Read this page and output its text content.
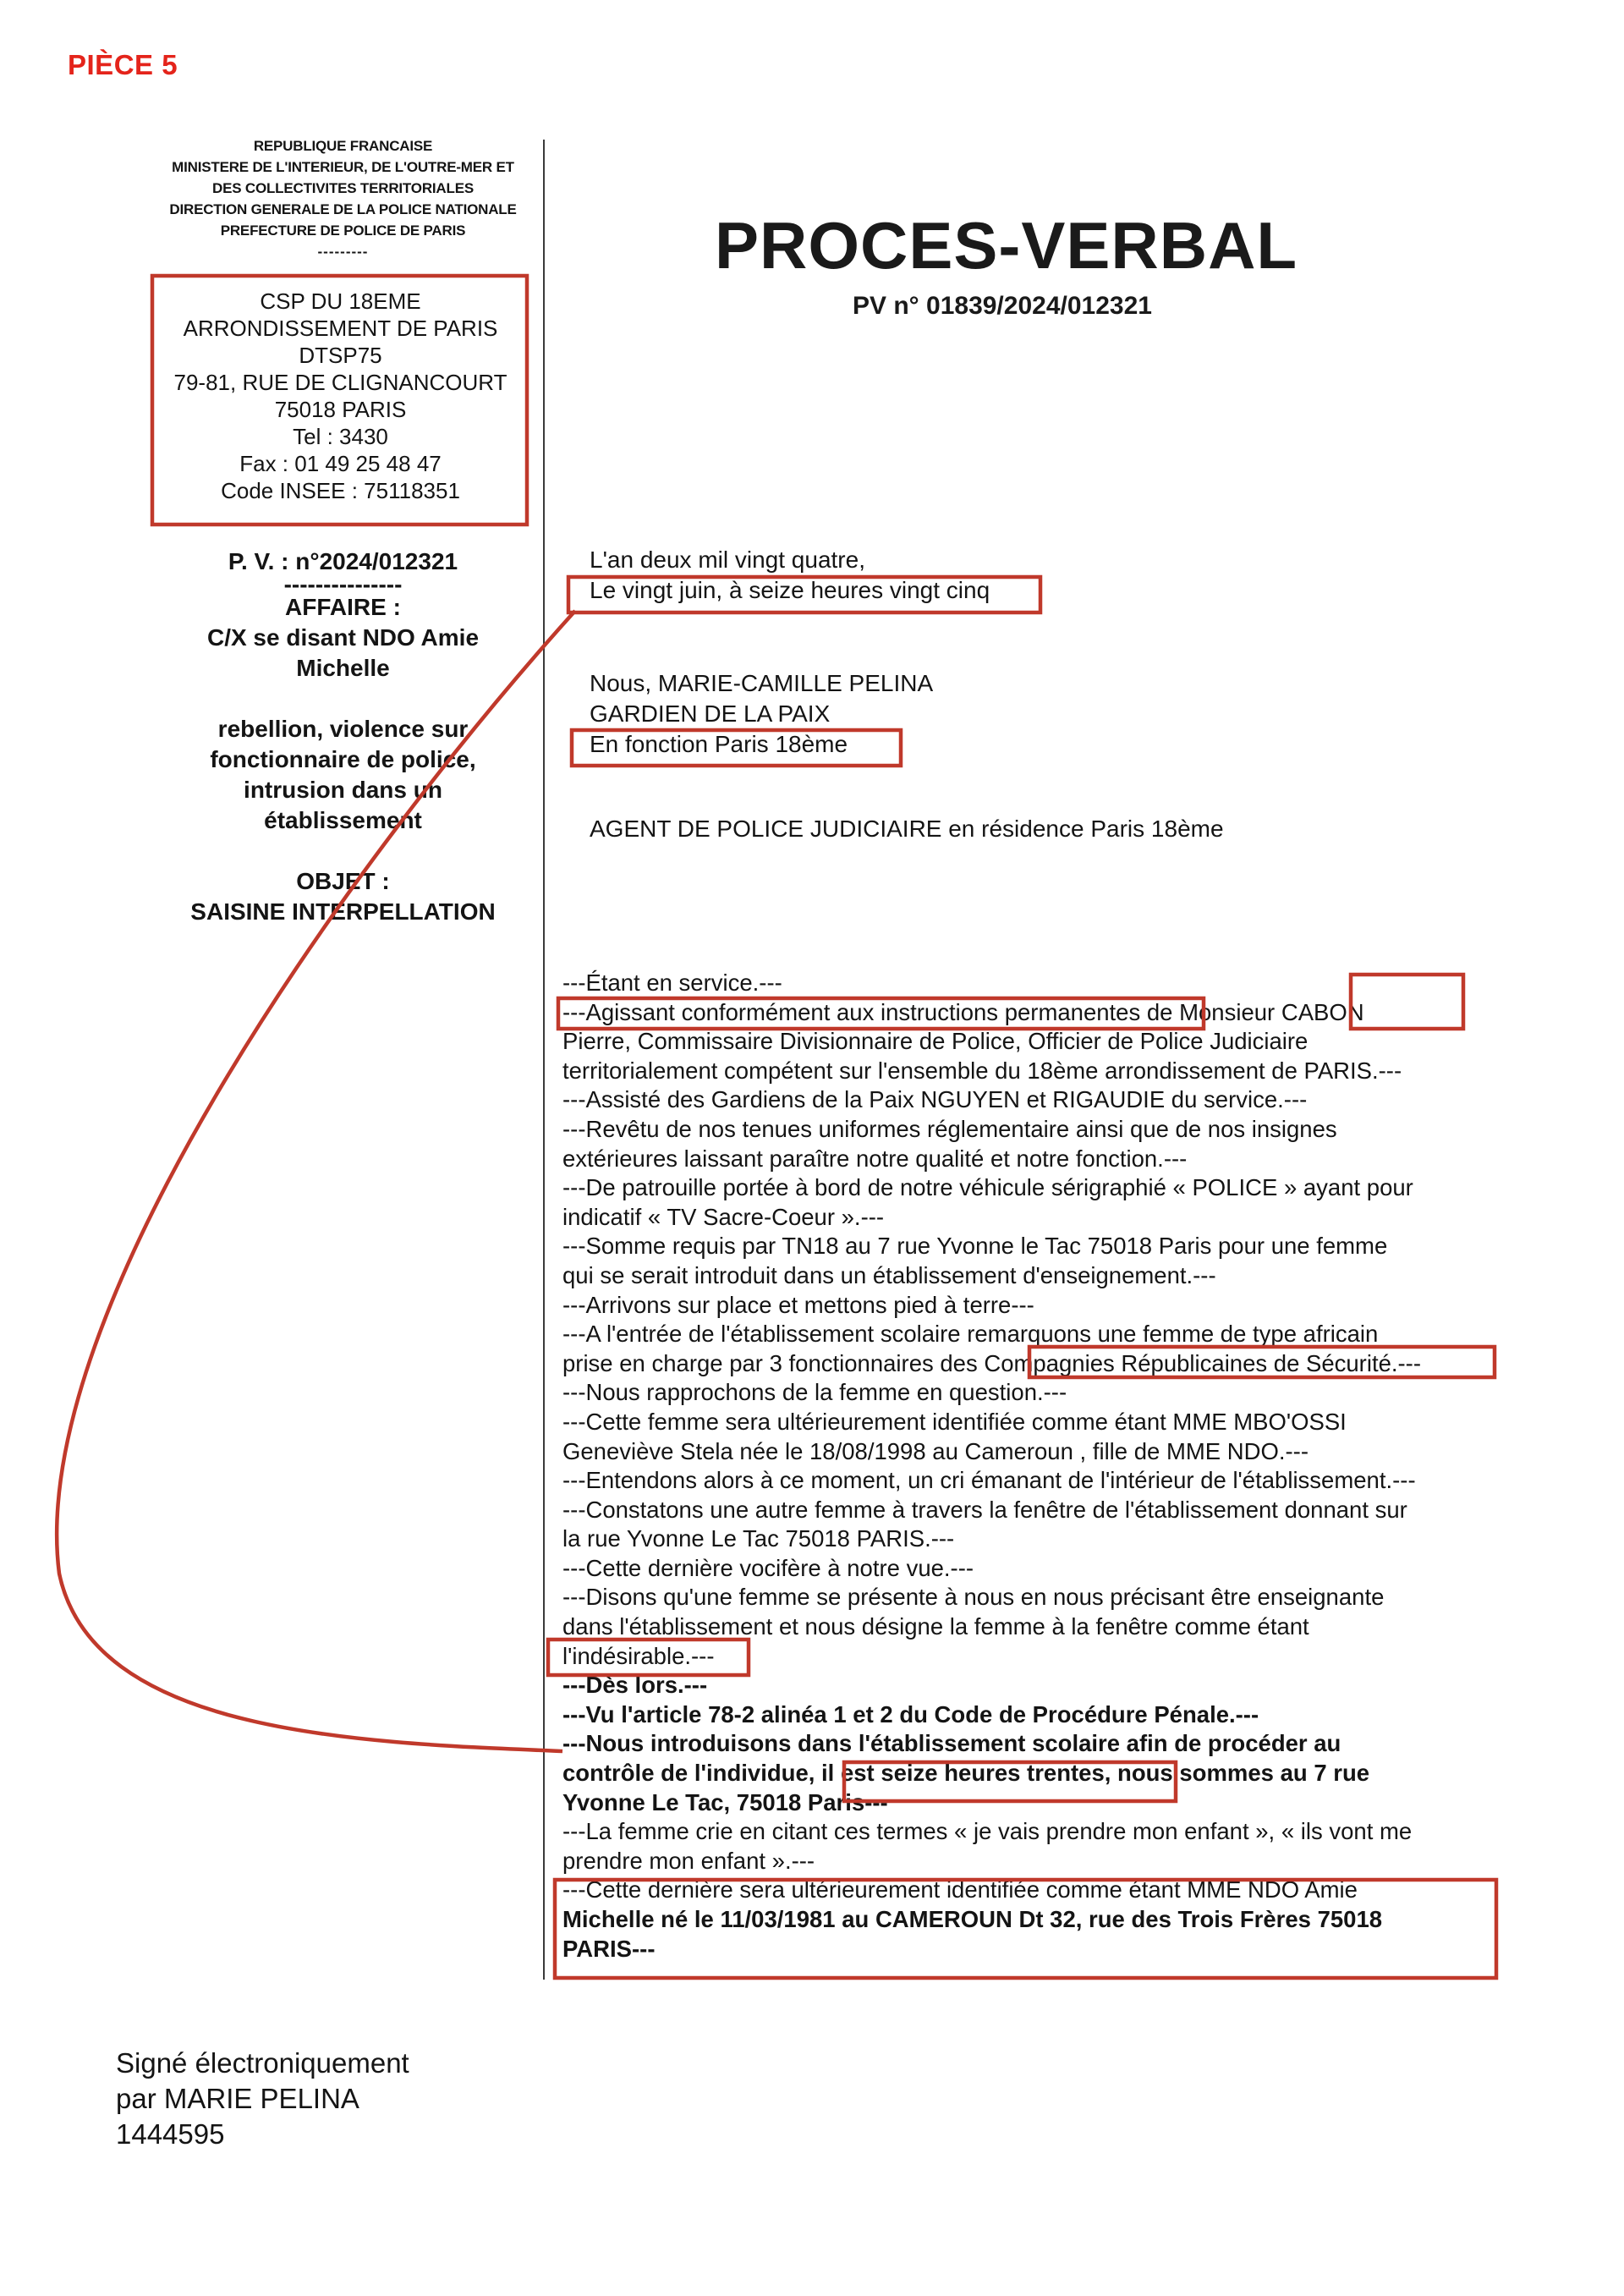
PIÈCE 5
REPUBLIQUE FRANCAISE
MINISTERE DE L'INTERIEUR, DE L'OUTRE-MER ET
DES COLLECTIVITES TERRITORIALES
DIRECTION GENERALE DE LA POLICE NATIONALE
PREFECTURE DE POLICE DE PARIS
---------
CSP DU 18EME
ARRONDISSEMENT DE PARIS
DTSP75
79-81, RUE DE CLIGNANCOURT
75018 PARIS
Tel : 3430
Fax : 01 49 25 48 47
Code INSEE : 75118351

P. V. : n°2024/012321

---------------

AFFAIRE :

C/X se disant NDO Amie

Michelle

rebellion, violence sur

fonctionnaire de police,

intrusion dans un

établissement

OBJET :

SAISINE INTERPELLATION

PROCES-VERBAL
PV n° 01839/2024/012321

L'an deux mil vingt quatre,

Le vingt juin, à seize heures vingt cinq

Nous, MARIE-CAMILLE PELINA

GARDIEN DE LA PAIX

En fonction Paris 18ème

AGENT DE POLICE JUDICIAIRE en résidence Paris 18ème

---Étant en service.---

---Agissant conformément aux instructions permanentes de Monsieur CABON

Pierre, Commissaire Divisionnaire de Police, Officier de Police Judiciaire

territorialement compétent sur l'ensemble du 18ème arrondissement de PARIS.---

---Assisté des Gardiens de la Paix NGUYEN et RIGAUDIE du service.---

---Revêtu de nos tenues uniformes réglementaire ainsi que de nos insignes

extérieures laissant paraître notre qualité et notre fonction.---

---De patrouille portée à bord de notre véhicule sérigraphié « POLICE » ayant pour

indicatif « TV Sacre-Coeur ».---

---Somme requis par TN18 au 7 rue Yvonne le Tac 75018 Paris pour une femme

qui se serait introduit dans un établissement d'enseignement.---

---Arrivons sur place et mettons pied à terre---

---A l'entrée de l'établissement scolaire remarquons une femme de type africain

prise en charge par 3 fonctionnaires des Compagnies Républicaines de Sécurité.---

---Nous rapprochons de la femme en question.---

---Cette femme sera ultérieurement identifiée comme étant MME MBO'OSSI

Geneviève Stela née le 18/08/1998 au Cameroun , fille de MME NDO.---

---Entendons alors à ce moment, un cri émanant de l'intérieur de l'établissement.---

---Constatons une autre femme à travers la fenêtre de l'établissement donnant sur

la rue Yvonne Le Tac 75018 PARIS.---

---Cette dernière vocifère à notre vue.---

---Disons qu'une femme se présente à nous en nous précisant être enseignante

dans l'établissement et nous désigne la femme à la fenêtre comme étant

l'indésirable.---

---Dès lors.---

---Vu l'article 78-2 alinéa 1 et 2 du Code de Procédure Pénale.---

---Nous introduisons dans l'établissement scolaire afin de procéder au

contrôle de l'individue, il est seize heures trentes, nous sommes au 7 rue

Yvonne Le Tac, 75018 Paris---

---La femme crie en citant ces termes « je vais prendre mon enfant », « ils vont me

prendre mon enfant ».---

---Cette dernière sera ultérieurement identifiée comme étant MME NDO Amie

Michelle né le 11/03/1981 au CAMEROUN Dt 32, rue des Trois Frères 75018

PARIS---

Signé électroniquement

par MARIE PELINA

1444595
